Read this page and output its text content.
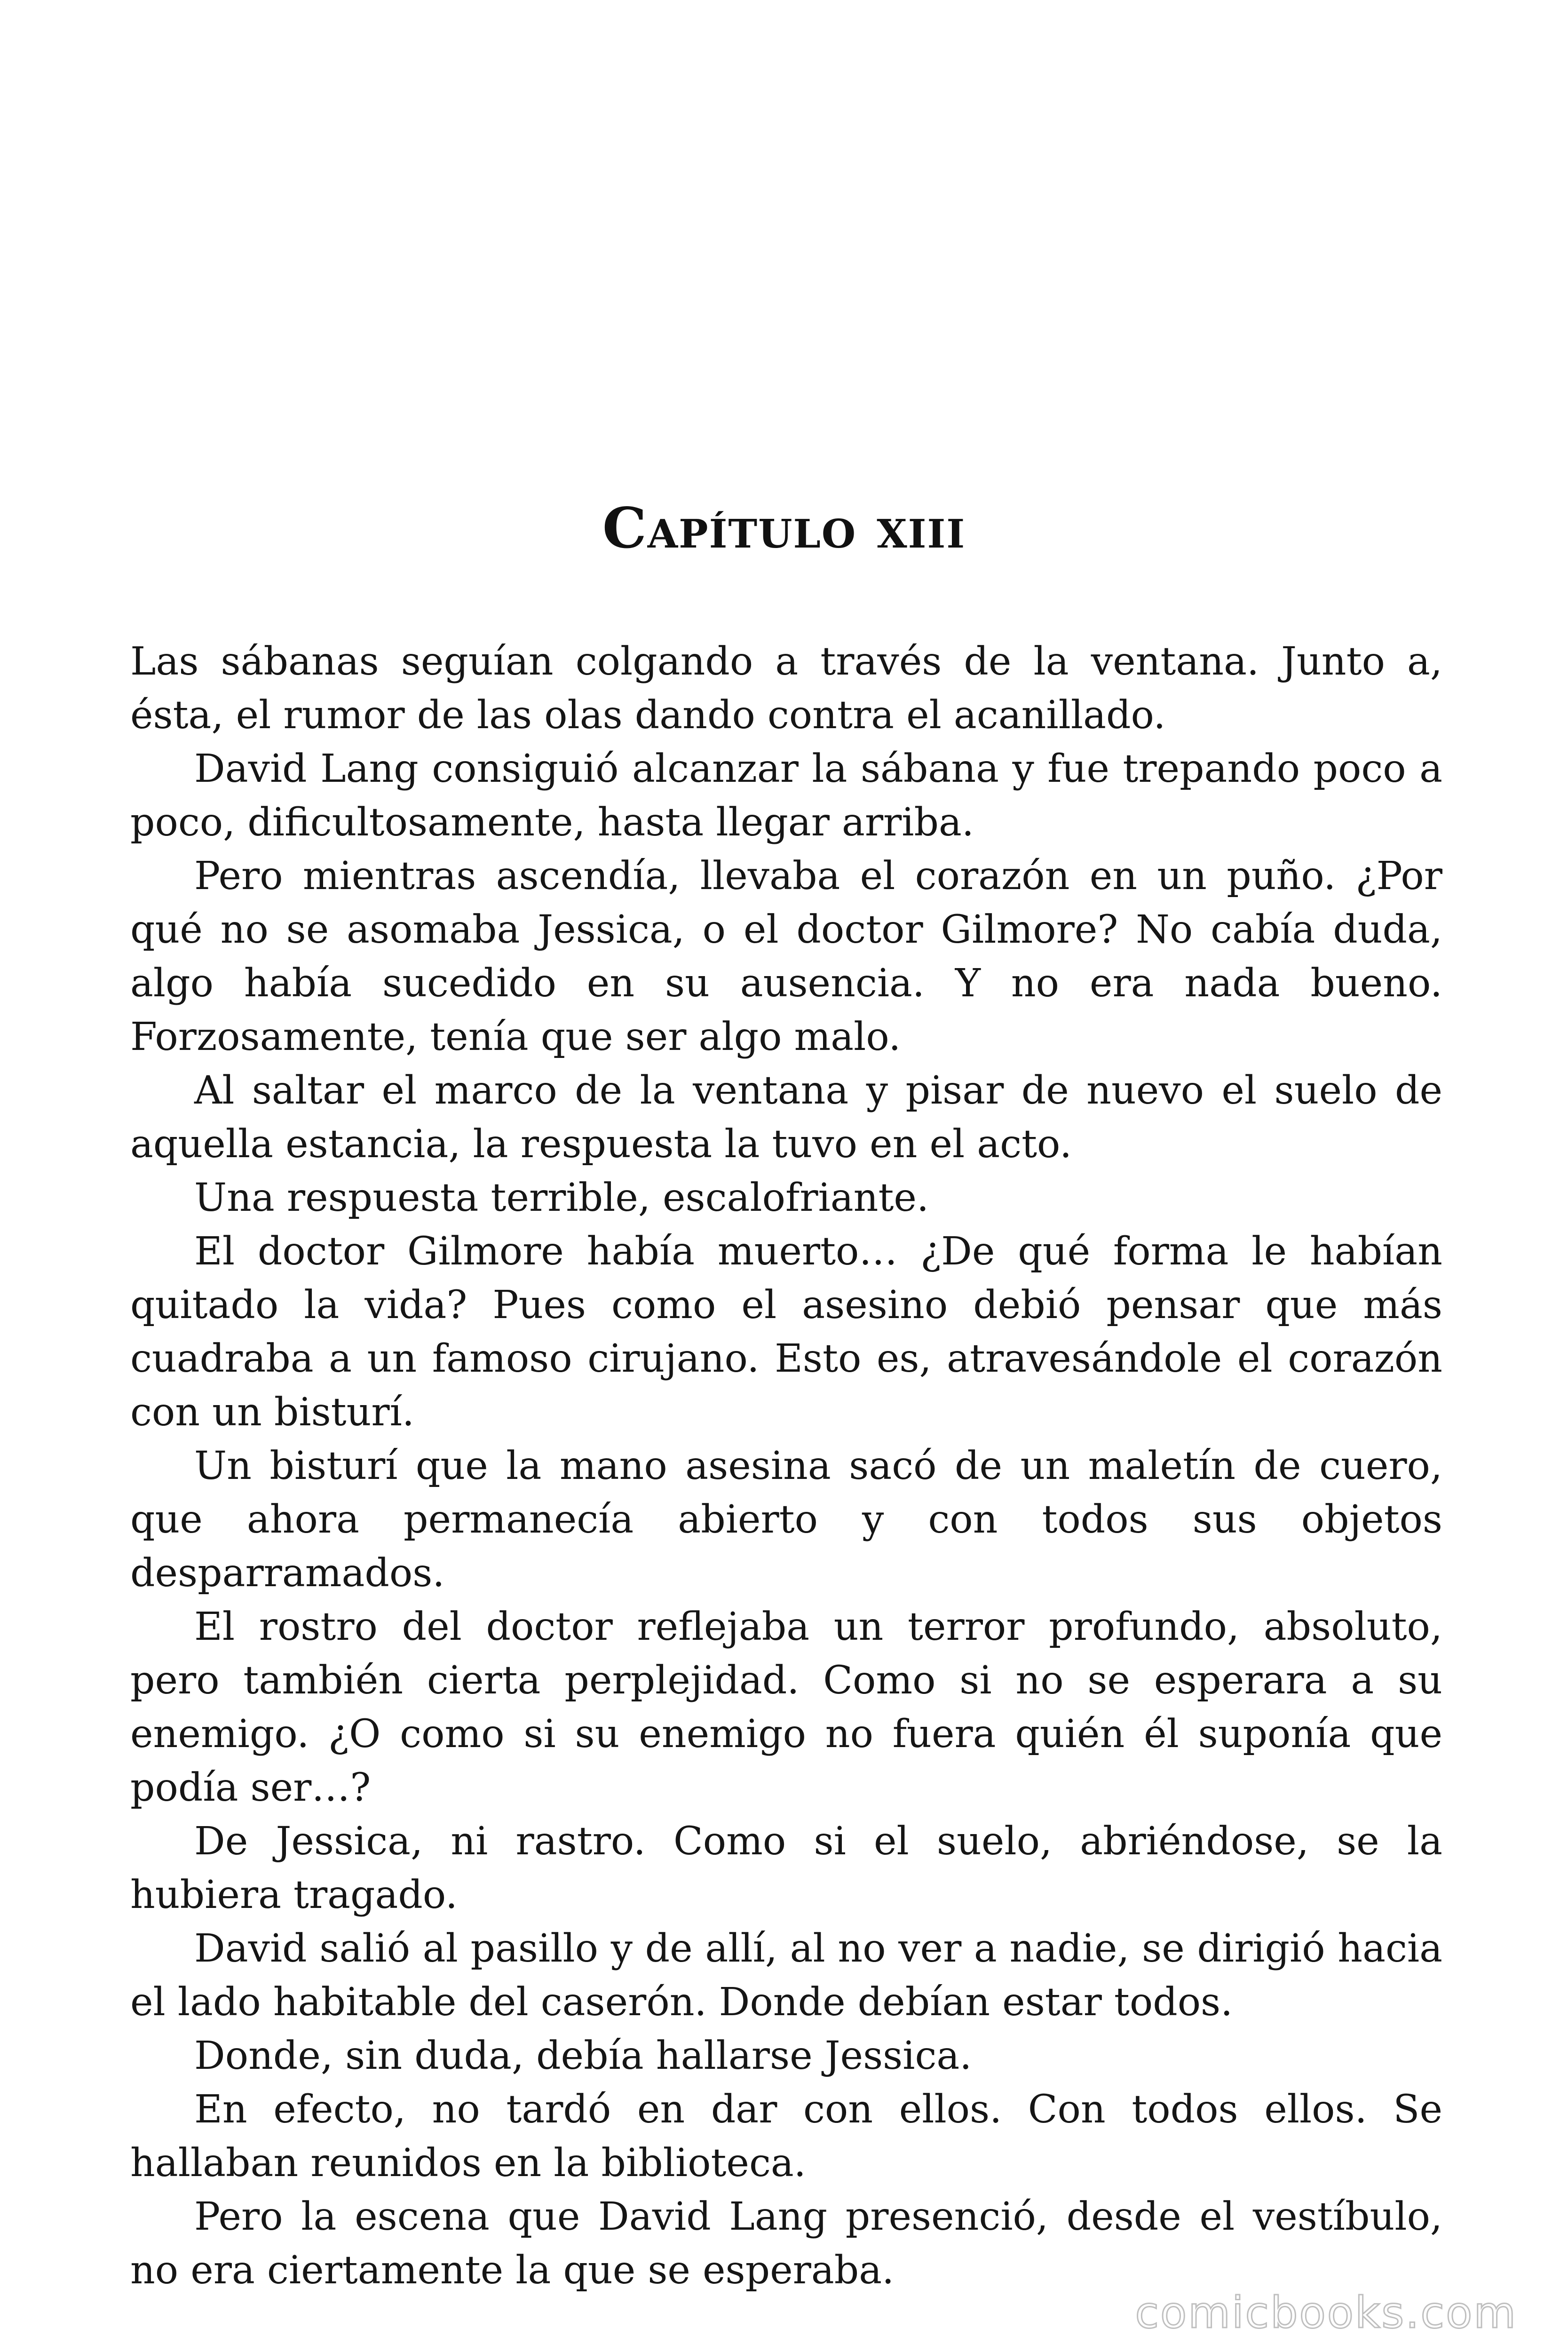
Capítulo xiii

Las sábanas seguían colgando a través de la ventana. Junto a, ésta, el rumor de las olas dando contra el acanillado.

David Lang consiguió alcanzar la sábana y fue trepando poco a poco, dificultosamente, hasta llegar arriba.

Pero mientras ascendía, llevaba el corazón en un puño. ¿Por qué no se asomaba Jessica, o el doctor Gilmore? No cabía duda, algo había sucedido en su ausencia. Y no era nada bueno. Forzosamente, tenía que ser algo malo.

Al saltar el marco de la ventana y pisar de nuevo el suelo de aquella estancia, la respuesta la tuvo en el acto.

Una respuesta terrible, escalofriante.

El doctor Gilmore había muerto… ¿De qué forma le habían quitado la vida? Pues como el asesino debió pensar que más cuadraba a un famoso cirujano. Esto es, atravesándole el corazón con un bisturí.

Un bisturí que la mano asesina sacó de un maletín de cuero, que ahora permanecía abierto y con todos sus objetos desparramados.

El rostro del doctor reflejaba un terror profundo, absoluto, pero también cierta perplejidad. Como si no se esperara a su enemigo. ¿O como si su enemigo no fuera quién él suponía que podía ser…?

De Jessica, ni rastro. Como si el suelo, abriéndose, se la hubiera tragado.

David salió al pasillo y de allí, al no ver a nadie, se dirigió hacia el lado habitable del caserón. Donde debían estar todos.

Donde, sin duda, debía hallarse Jessica.

En efecto, no tardó en dar con ellos. Con todos ellos. Se hallaban reunidos en la biblioteca.

Pero la escena que David Lang presenció, desde el vestíbulo, no era ciertamente la que se esperaba.

comicbooks.com
